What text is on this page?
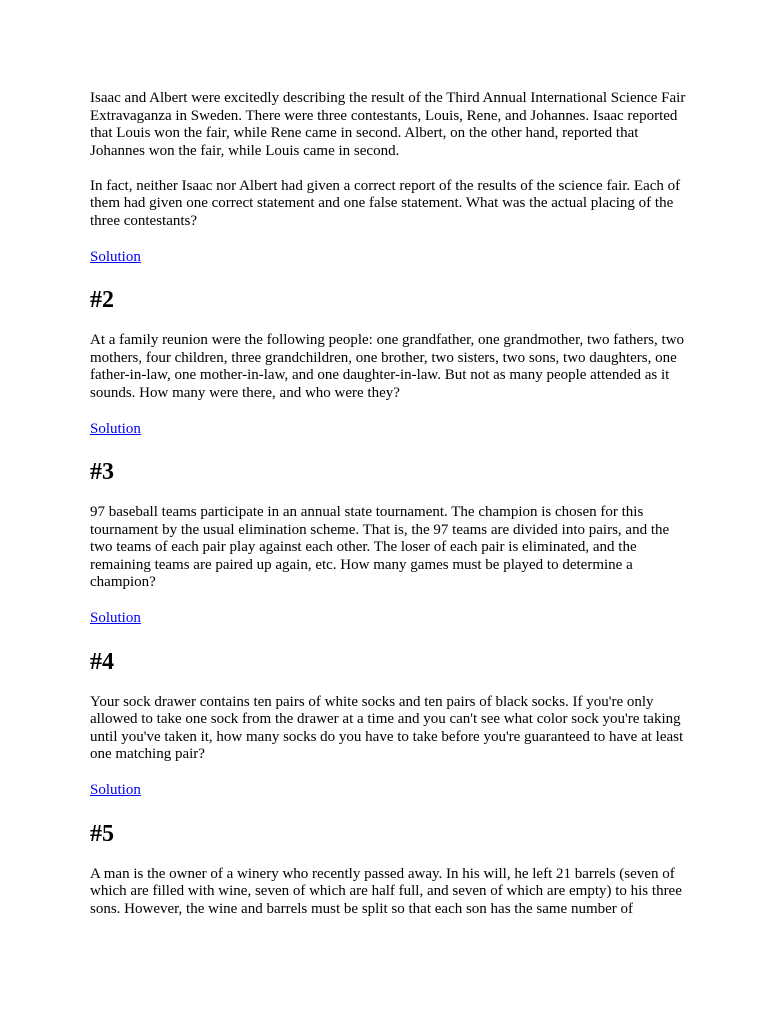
Isaac and Albert were excitedly describing the result of the Third Annual International Science Fair Extravaganza in Sweden. There were three contestants, Louis, Rene, and Johannes. Isaac reported that Louis won the fair, while Rene came in second. Albert, on the other hand, reported that Johannes won the fair, while Louis came in second.

In fact, neither Isaac nor Albert had given a correct report of the results of the science fair. Each of them had given one correct statement and one false statement. What was the actual placing of the three contestants?

Solution
#2

At a family reunion were the following people: one grandfather, one grandmother, two fathers, two mothers, four children, three grandchildren, one brother, two sisters, two sons, two daughters, one father-in-law, one mother-in-law, and one daughter-in-law. But not as many people attended as it sounds. How many were there, and who were they?

Solution
#3

97 baseball teams participate in an annual state tournament. The champion is chosen for this tournament by the usual elimination scheme. That is, the 97 teams are divided into pairs, and the two teams of each pair play against each other. The loser of each pair is eliminated, and the remaining teams are paired up again, etc. How many games must be played to determine a champion?

Solution
#4

Your sock drawer contains ten pairs of white socks and ten pairs of black socks. If you're only allowed to take one sock from the drawer at a time and you can't see what color sock you're taking until you've taken it, how many socks do you have to take before you're guaranteed to have at least one matching pair?

Solution
#5

A man is the owner of a winery who recently passed away. In his will, he left 21 barrels (seven of which are filled with wine, seven of which are half full, and seven of which are empty) to his three sons. However, the wine and barrels must be split so that each son has the same number of
